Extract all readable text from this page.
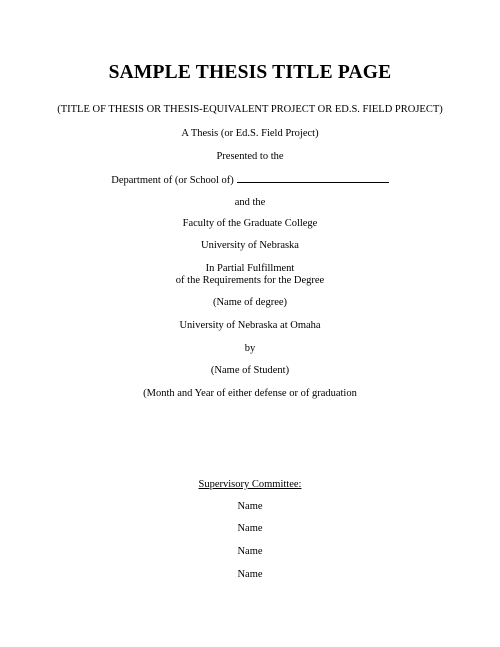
SAMPLE THESIS TITLE PAGE
(TITLE OF THESIS OR THESIS-EQUIVALENT PROJECT OR ED.S. FIELD PROJECT)
A Thesis (or Ed.S. Field Project)
Presented to the
Department of (or School of)
and the
Faculty of the Graduate College
University of Nebraska
In Partial Fulfillment
of the Requirements for the Degree
(Name of degree)
University of Nebraska at Omaha
by
(Name of Student)
(Month and Year of either defense or of graduation
Supervisory Committee:
Name
Name
Name
Name
